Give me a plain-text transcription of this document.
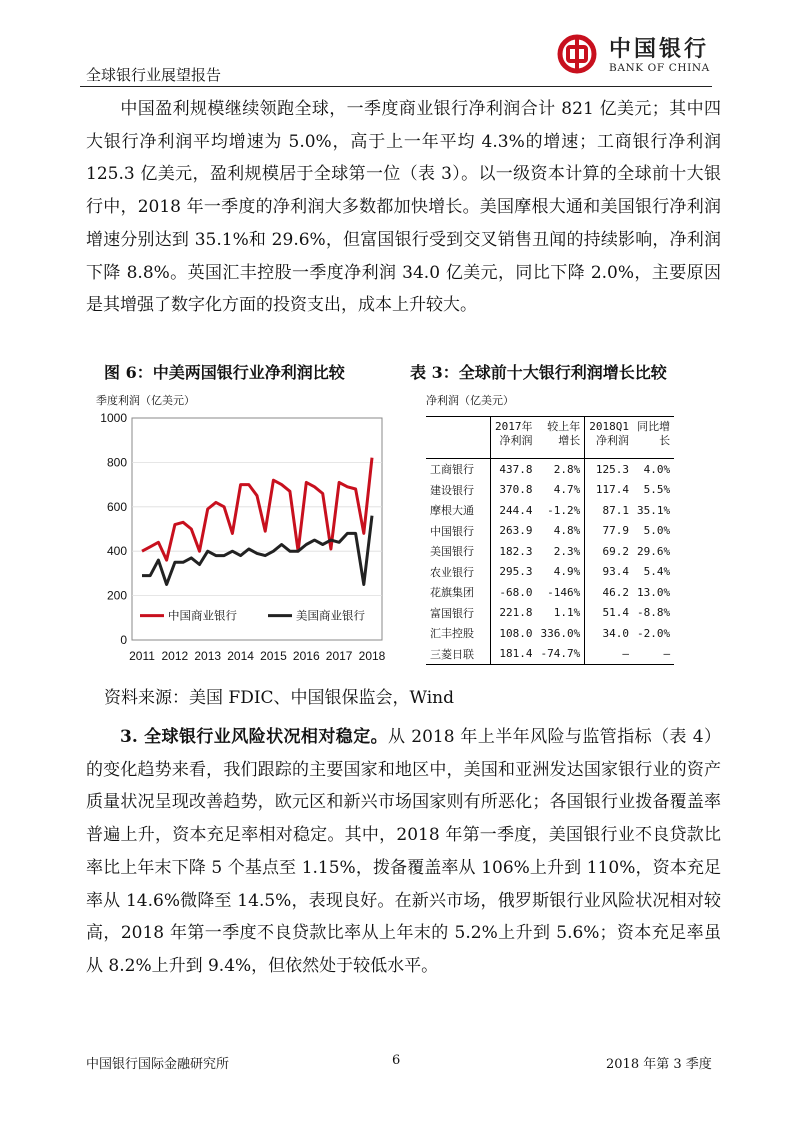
全球银行业展望报告
中国银行
BANK OF CHINA
中国盈利规模继续领跑全球，一季度商业银行净利润合计 821 亿美元；其中四大银行净利润平均增速为 5.0%，高于上一年平均 4.3%的增速；工商银行净利润 125.3 亿美元，盈利规模居于全球第一位（表 3）。以一级资本计算的全球前十大银行中，2018 年一季度的净利润大多数都加快增长。美国摩根大通和美国银行净利润增速分别达到 35.1%和 29.6%，但富国银行受到交叉销售丑闻的持续影响，净利润下降 8.8%。英国汇丰控股一季度净利润 34.0 亿美元，同比下降 2.0%，主要原因是其增强了数字化方面的投资支出，成本上升较大。
图 6：中美两国银行业净利润比较	表 3：全球前十大银行利润增长比较
季度利润（亿美元）
0
200
400
600
800
1000
2011 2012 2013 2014 2015 2016 2017 2018
中国商业银行	美国商业银行
净利润（亿美元）
	2017年
净利润	较上年
增长	2018Q1
净利润	同比增
长
工商银行	437.8	2.8%	125.3	4.0%
建设银行	370.8	4.7%	117.4	5.5%
摩根大通	244.4	-1.2%	87.1	35.1%
中国银行	263.9	4.8%	77.9	5.0%
美国银行	182.3	2.3%	69.2	29.6%
农业银行	295.3	4.9%	93.4	5.4%
花旗集团	-68.0	-146%	46.2	13.0%
富国银行	221.8	1.1%	51.4	-8.8%
汇丰控股	108.0	336.0%	34.0	-2.0%
三菱日联	181.4	-74.7%	—	—
资料来源：美国 FDIC、中国银保监会，Wind
3. 全球银行业风险状况相对稳定。从 2018 年上半年风险与监管指标（表 4）的变化趋势来看，我们跟踪的主要国家和地区中，美国和亚洲发达国家银行业的资产质量状况呈现改善趋势，欧元区和新兴市场国家则有所恶化；各国银行业拨备覆盖率普遍上升，资本充足率相对稳定。其中，2018 年第一季度，美国银行业不良贷款比率比上年末下降 5 个基点至 1.15%，拨备覆盖率从 106%上升到 110%，资本充足率从 14.6%微降至 14.5%，表现良好。在新兴市场，俄罗斯银行业风险状况相对较高，2018 年第一季度不良贷款比率从上年末的 5.2%上升到 5.6%；资本充足率虽从 8.2%上升到 9.4%，但依然处于较低水平。
中国银行国际金融研究所	6	2018 年第 3 季度
